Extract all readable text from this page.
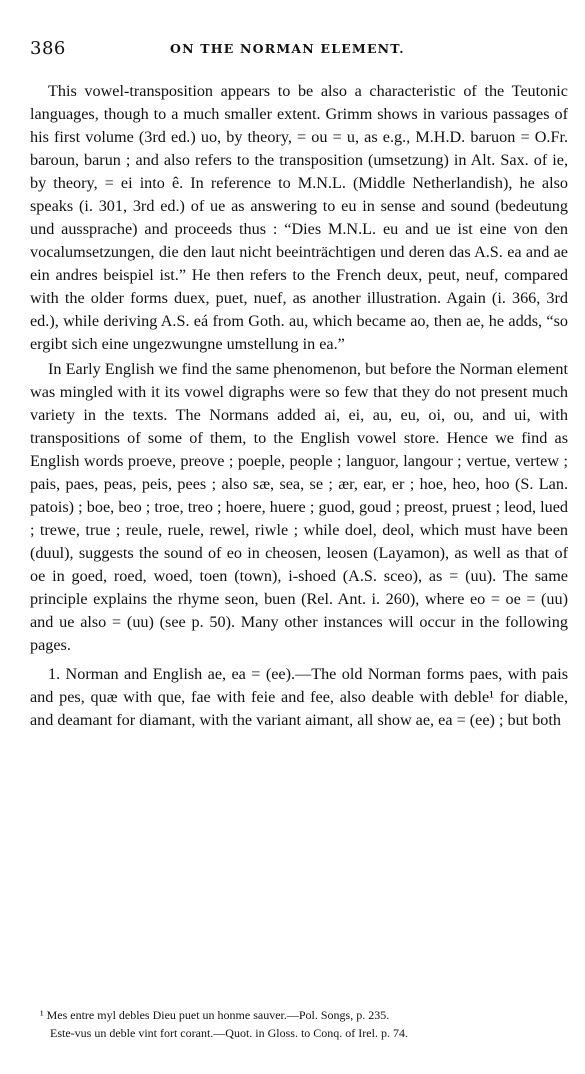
386	ON THE NORMAN ELEMENT.

This vowel-transposition appears to be also a characteristic of the Teutonic languages, though to a much smaller extent. Grimm shows in various passages of his first volume (3rd ed.) uo, by theory, = ou = u, as e.g., M.H.D. baruon = O.Fr. baroun, barun ; and also refers to the transposition (umsetzung) in Alt. Sax. of ie, by theory, = ei into ê. In reference to M.N.L. (Middle Netherlandish), he also speaks (i. 301, 3rd ed.) of ue as answering to eu in sense and sound (bedeutung und aussprache) and proceeds thus : “Dies M.N.L. eu and ue ist eine von den vocalumsetzungen, die den laut nicht beeinträchtigen und deren das A.S. ea and ae ein andres beispiel ist.” He then refers to the French deux, peut, neuf, compared with the older forms duex, puet, nuef, as another illustration. Again (i. 366, 3rd ed.), while deriving A.S. eá from Goth. au, which became ao, then ae, he adds, “so ergibt sich eine ungezwungne umstellung in ea.”

In Early English we find the same phenomenon, but before the Norman element was mingled with it its vowel digraphs were so few that they do not present much variety in the texts. The Normans added ai, ei, au, eu, oi, ou, and ui, with transpositions of some of them, to the English vowel store. Hence we find as English words proeve, preove ; poeple, people ; languor, langour ; vertue, vertew ; pais, paes, peas, peis, pees ; also sæ, sea, se ; ær, ear, er ; hoe, heo, hoo (S. Lan. patois) ; boe, beo ; troe, treo ; hoere, huere ; guod, goud ; preost, pruest ; leod, lued ; trewe, true ; reule, ruele, rewel, riwle ; while doel, deol, which must have been (duul), suggests the sound of eo in cheosen, leosen (Layamon), as well as that of oe in goed, roed, woed, toen (town), i-shoed (A.S. sceo), as = (uu). The same principle explains the rhyme seon, buen (Rel. Ant. i. 260), where eo = oe = (uu) and ue also = (uu) (see p. 50). Many other instances will occur in the following pages.

1. Norman and English ae, ea = (ee).—The old Norman forms paes, with pais and pes, quæ with que, fae with feie and fee, also deable with deble¹ for diable, and deamant for diamant, with the variant aimant, all show ae, ea = (ee) ; but both

¹ Mes entre myl debles Dieu puet un honme sauver.—Pol. Songs, p. 235.
Este-vus un deble vint fort corant.—Quot. in Gloss. to Conq. of Irel. p. 74.
